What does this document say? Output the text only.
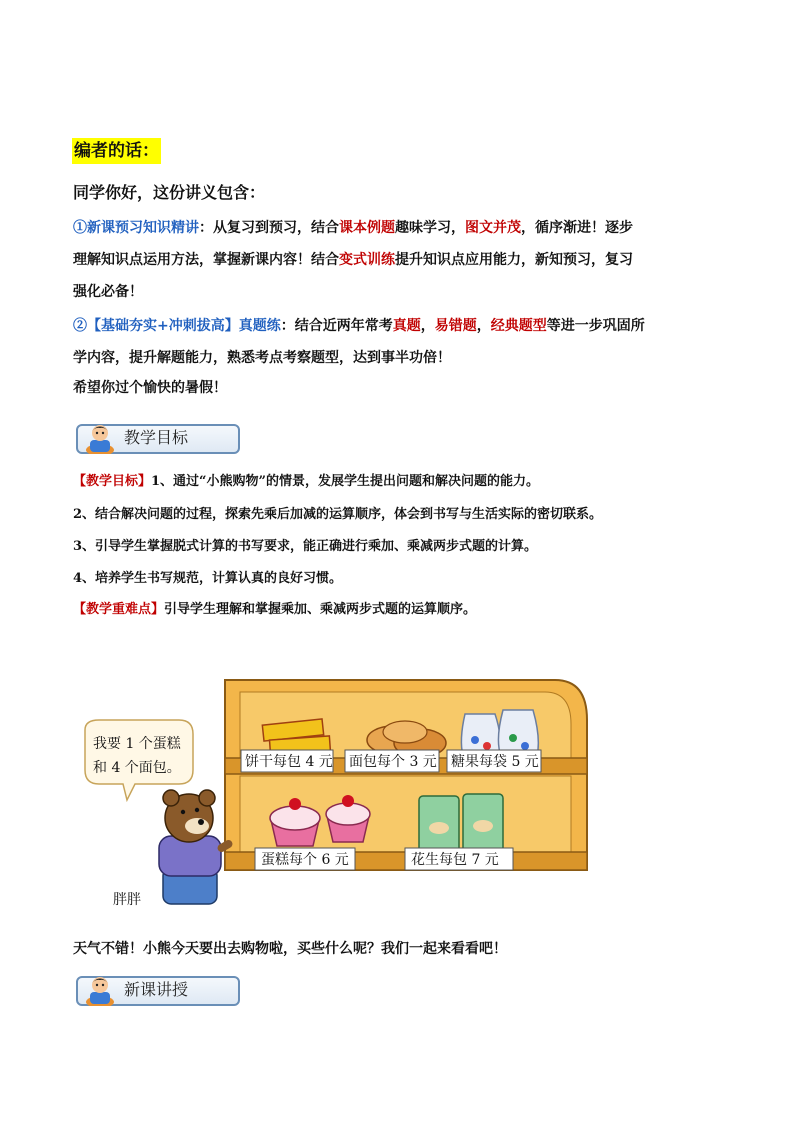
编者的话：
同学你好，这份讲义包含：
①新课预习知识精讲：从复习到预习，结合课本例题趣味学习，图文并茂，循序渐进！逐步
理解知识点运用方法，掌握新课内容！结合变式训练提升知识点应用能力，新知预习，复习
强化必备！
②【基础夯实+冲刺拔高】真题练：结合近两年常考真题，易错题，经典题型等进一步巩固所
学内容，提升解题能力，熟悉考点考察题型，达到事半功倍！
希望你过个愉快的暑假！
教学目标
【教学目标】1、通过“小熊购物”的情景，发展学生提出问题和解决问题的能力。
2、结合解决问题的过程，探索先乘后加减的运算顺序，体会到书写与生活实际的密切联系。
3、引导学生掌握脱式计算的书写要求，能正确进行乘加、乘减两步式题的计算。
4、培养学生书写规范，计算认真的良好习惯。
【教学重难点】引导学生理解和掌握乘加、乘减两步式题的运算顺序。
饼干每包 4 元 面包每个 3 元 糖果每袋 5 元
蛋糕每个 6 元	花生每包 7 元
我要 1 个蛋糕
和 4 个面包。
胖胖
天气不错！小熊今天要出去购物啦，买些什么呢？我们一起来看看吧！
新课讲授
